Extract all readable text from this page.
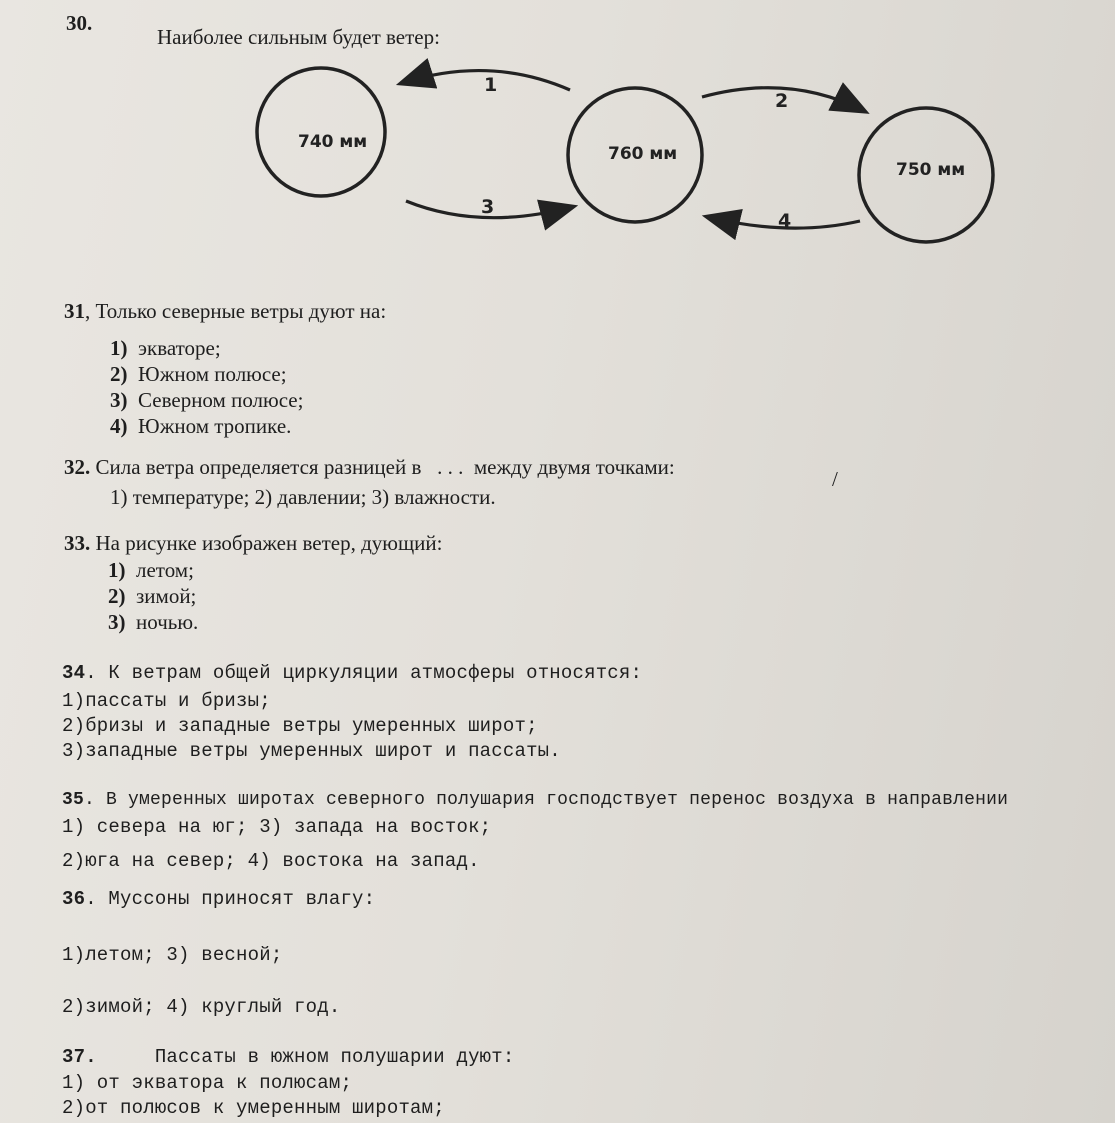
30.
Наиболее сильным будет ветер:
740 мм
760 мм
750 мм
1
2
3
4
31, Только северные ветры дуют на:
1) экваторе;
2) Южном полюсе;
3) Северном полюсе;
4) Южном тропике.
32. Сила ветра определяется разницей в . . . между двумя точками:	/
1) температуре; 2) давлении; 3) влажности.
33. На рисунке изображен ветер, дующий:
1) летом;
2) зимой;
3) ночью.
34. К ветрам общей циркуляции атмосферы относятся:
1)пассаты и бризы;
2)бризы и западные ветры умеренных широт;
3)западные ветры умеренных широт и пассаты.
35. В умеренных широтах северного полушария господствует перенос воздуха в направлении
1) севера на юг; 3) запада на восток;
2)юга на север; 4) востока на запад.
36. Муссоны приносят влагу:
1)летом; 3) весной;
2)зимой; 4) круглый год.
37.	Пассаты в южном полушарии дуют:
1) от экватора к полюсам;
2)от полюсов к умеренным широтам;
